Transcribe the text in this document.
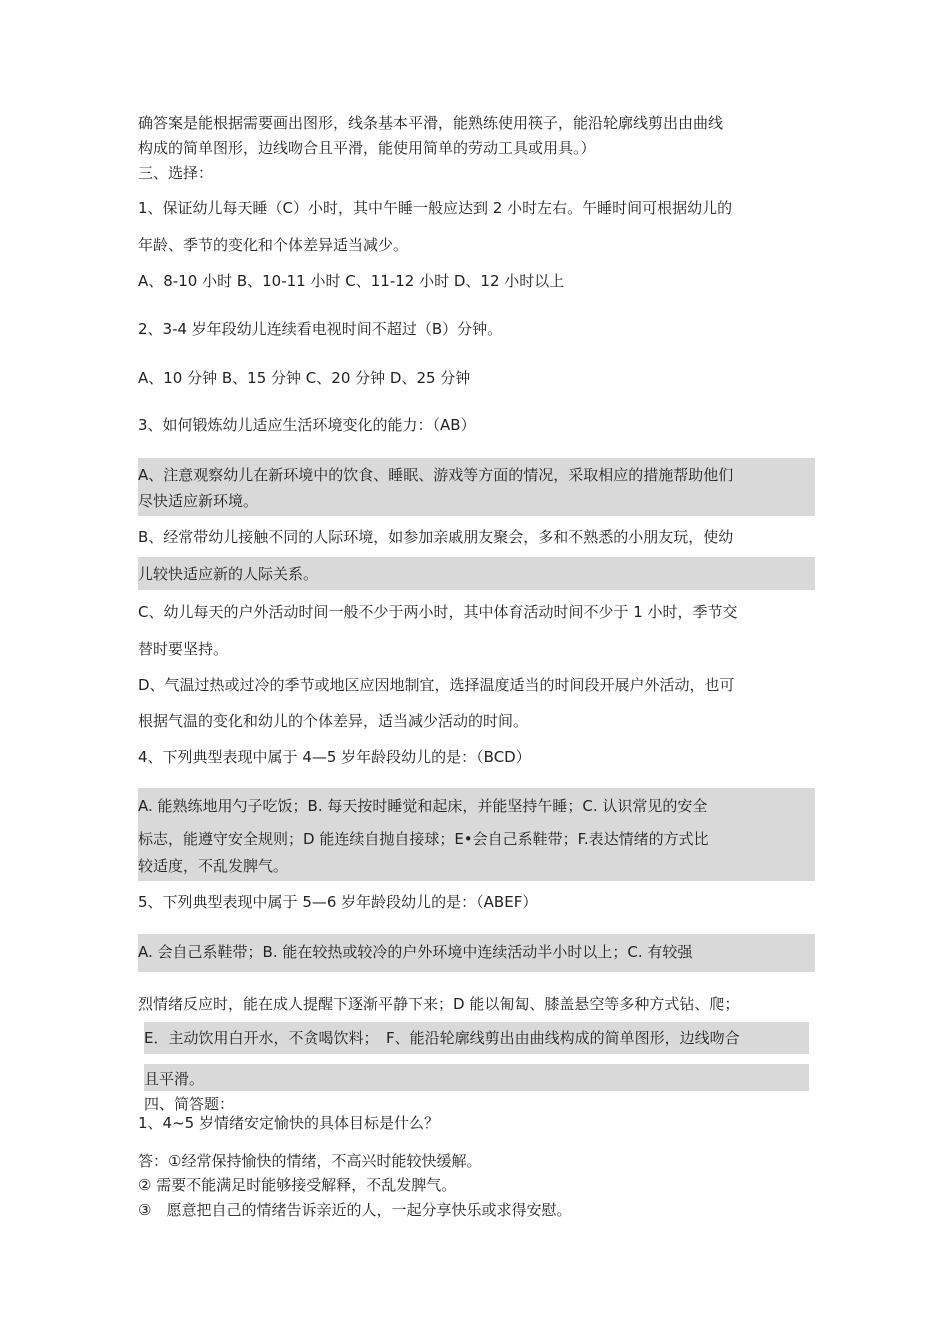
确答案是能根据需要画出图形，线条基本平滑，能熟练使用筷子，能沿轮廓线剪出由曲线
构成的简单图形，边线吻合且平滑，能使用简单的劳动工具或用具。）
三、选择：
1、保证幼儿每天睡（C）小时，其中午睡一般应达到 2 小时左右。午睡时间可根据幼儿的
年龄、季节的变化和个体差异适当减少。
A、8-10 小时 B、10-11 小时 C、11-12 小时 D、12 小时以上
2、3-4 岁年段幼儿连续看电视时间不超过（B）分钟。
A、10 分钟 B、15 分钟 C、20 分钟 D、25 分钟
3、如何锻炼幼儿适应生活环境变化的能力：（AB）
A、注意观察幼儿在新环境中的饮食、睡眠、游戏等方面的情况，采取相应的措施帮助他们
尽快适应新环境。
B、经常带幼儿接触不同的人际环境，如参加亲戚朋友聚会，多和不熟悉的小朋友玩，使幼
儿较快适应新的人际关系。
C、幼儿每天的户外活动时间一般不少于两小时，其中体育活动时间不少于 1 小时，季节交
替时要坚持。
D、气温过热或过冷的季节或地区应因地制宜，选择温度适当的时间段开展户外活动，也可
根据气温的变化和幼儿的个体差异，适当减少活动的时间。
4、下列典型表现中属于 4—5 岁年龄段幼儿的是：（BCD）
A. 能熟练地用勺子吃饭；B. 每天按时睡觉和起床，并能坚持午睡；C. 认识常见的安全
标志，能遵守安全规则；D 能连续自抛自接球；E•会自己系鞋带；F.表达情绪的方式比
较适度，不乱发脾气。
5、下列典型表现中属于 5—6 岁年龄段幼儿的是：（ABEF）
A. 会自己系鞋带；B. 能在较热或较冷的户外环境中连续活动半小时以上；C. 有较强
烈情绪反应时，能在成人提醒下逐渐平静下来；D 能以匍匐、膝盖悬空等多种方式钻、爬；
E．主动饮用白开水，不贪喝饮料；　F、能沿轮廓线剪出由曲线构成的简单图形，边线吻合
且平滑。
四、简答题：
1、4~5 岁情绪安定愉快的具体目标是什么？
答：①经常保持愉快的情绪，不高兴时能较快缓解。
② 需要不能满足时能够接受解释，不乱发脾气。
③　愿意把自己的情绪告诉亲近的人，一起分享快乐或求得安慰。
